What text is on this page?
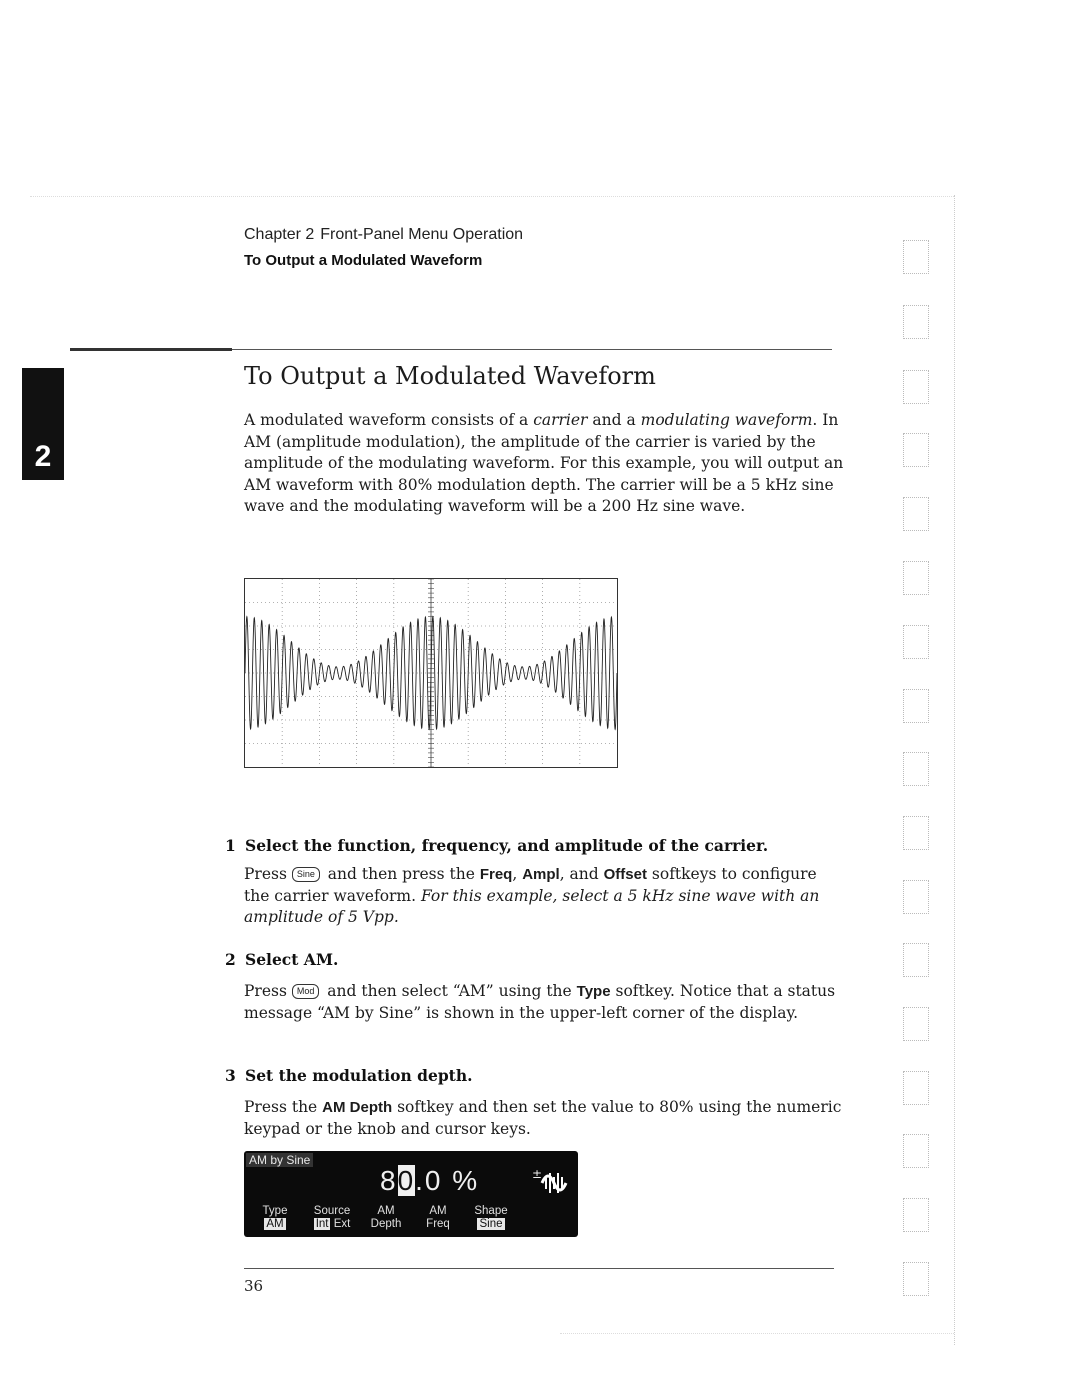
Chapter 2 Front-Panel Menu Operation
To Output a Modulated Waveform
2
To Output a Modulated Waveform
A modulated waveform consists of a carrier and a modulating waveform. In AM (amplitude modulation), the amplitude of the carrier is varied by the amplitude of the modulating waveform. For this example, you will output an AM waveform with 80% modulation depth. The carrier will be a 5 kHz sine wave and the modulating waveform will be a 200 Hz sine wave.
1 Select the function, frequency, and amplitude of the carrier.
Press Sine and then press the Freq, Ampl, and Offset softkeys to configure the carrier waveform. For this example, select a 5 kHz sine wave with an amplitude of 5 Vpp.
2 Select AM.
Press Mod and then select “AM” using the Type softkey. Notice that a status message “AM by Sine” is shown in the upper-left corner of the display.
3 Set the modulation depth.
Press the AM Depth softkey and then set the value to 80% using the numeric keypad or the knob and cursor keys.
AM by Sine
80.0 %	±
Type
AM
Source
Int Ext
AM
Depth
AM
Freq
Shape
Sine
36
